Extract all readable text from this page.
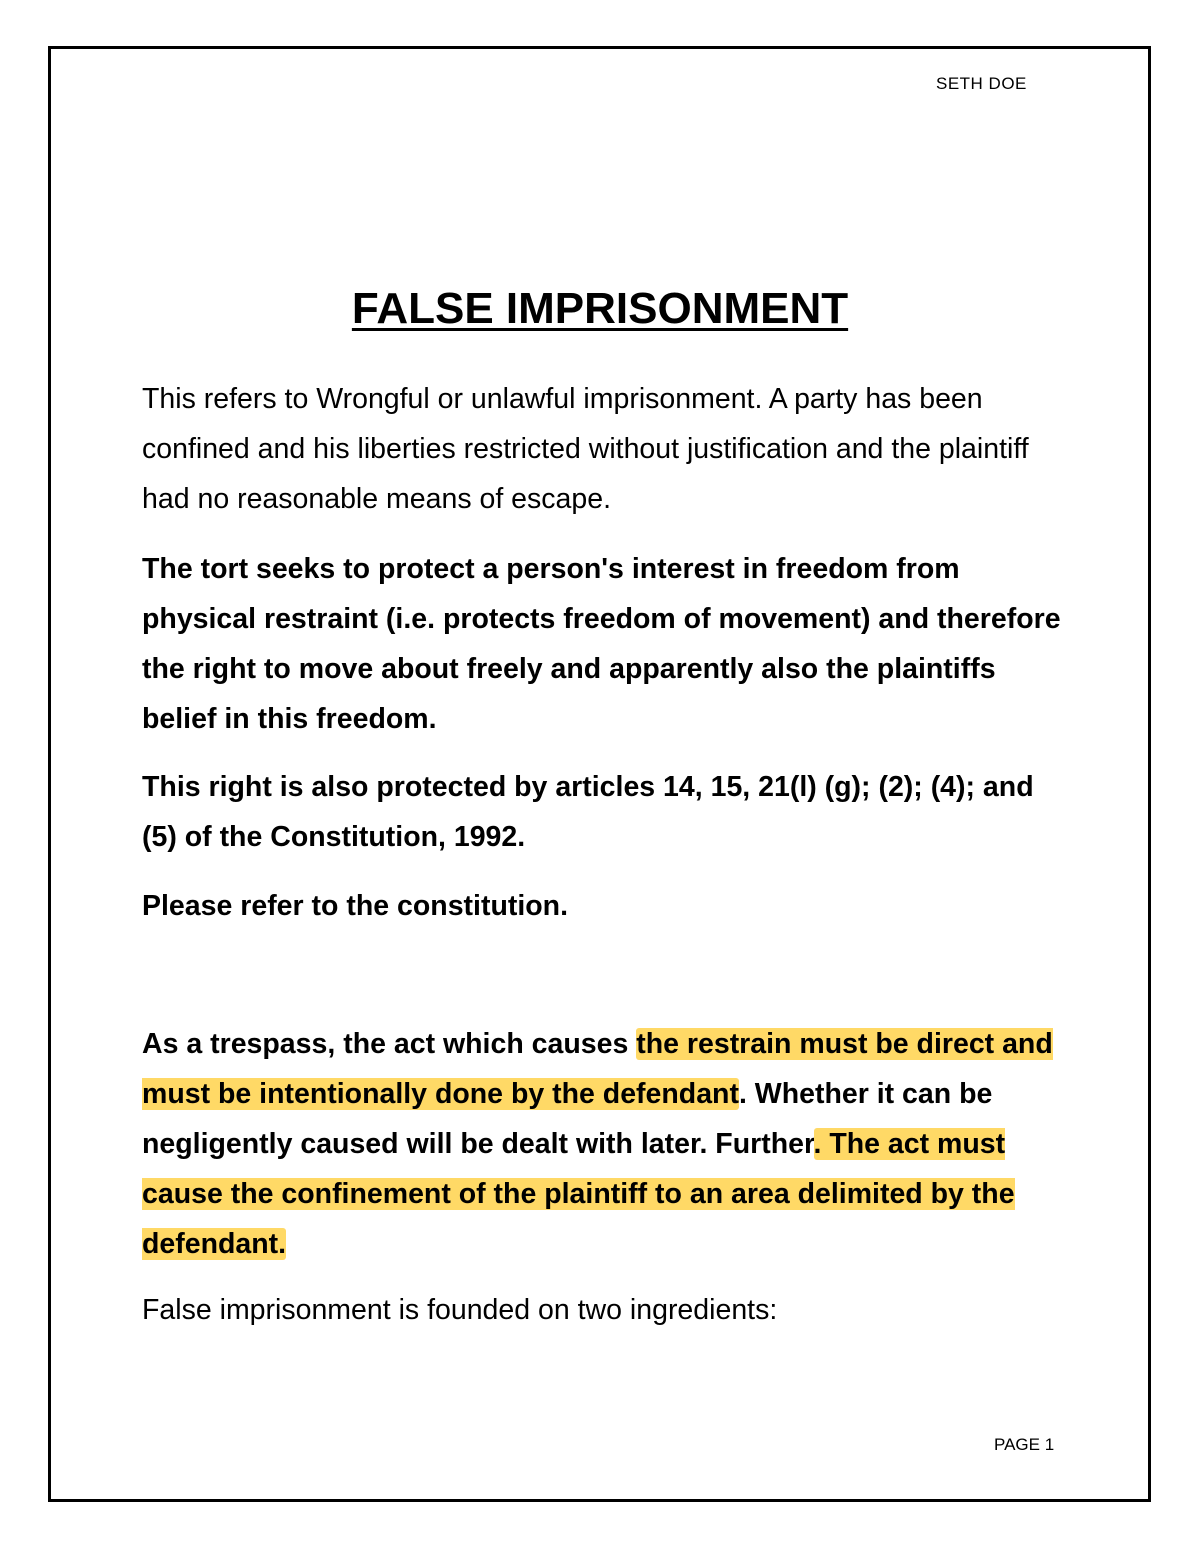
SETH DOE
FALSE IMPRISONMENT

This refers to Wrongful or unlawful imprisonment. A party has been confined and his liberties restricted without justification and the plaintiff had no reasonable means of escape.

The tort seeks to protect a person's interest in freedom from physical restraint (i.e. protects freedom of movement) and therefore the right to move about freely and apparently also the plaintiffs belief in this freedom.

This right is also protected by articles 14, 15, 21(l) (g); (2); (4); and (5) of the Constitution, 1992.

Please refer to the constitution.

As a trespass, the act which causes the restrain must be direct and must be intentionally done by the defendant. Whether it can be negligently caused will be dealt with later. Further. The act must cause the confinement of the plaintiff to an area delimited by the defendant.

False imprisonment is founded on two ingredients:

PAGE 1
